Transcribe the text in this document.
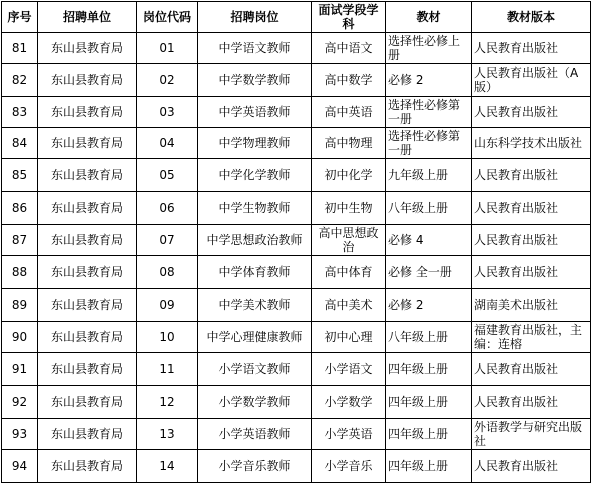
序号	招聘单位	岗位代码	招聘岗位	面试学段学科	教材	教材版本
81	东山县教育局	01	中学语文教师	高中语文	选择性必修上册	人民教育出版社
82	东山县教育局	02	中学数学教师	高中数学	必修 2	人民教育出版社（A版）
83	东山县教育局	03	中学英语教师	高中英语	选择性必修第一册	人民教育出版社
84	东山县教育局	04	中学物理教师	高中物理	选择性必修第一册	山东科学技术出版社
85	东山县教育局	05	中学化学教师	初中化学	九年级上册	人民教育出版社
86	东山县教育局	06	中学生物教师	初中生物	八年级上册	人民教育出版社
87	东山县教育局	07	中学思想政治教师	高中思想政治	必修 4	人民教育出版社
88	东山县教育局	08	中学体育教师	高中体育	必修 全一册	人民教育出版社
89	东山县教育局	09	中学美术教师	高中美术	必修 2	湖南美术出版社
90	东山县教育局	10	中学心理健康教师	初中心理	八年级上册	福建教育出版社，主编：连榕
91	东山县教育局	11	小学语文教师	小学语文	四年级上册	人民教育出版社
92	东山县教育局	12	小学数学教师	小学数学	四年级上册	人民教育出版社
93	东山县教育局	13	小学英语教师	小学英语	四年级上册	外语教学与研究出版社
94	东山县教育局	14	小学音乐教师	小学音乐	四年级上册	人民教育出版社
